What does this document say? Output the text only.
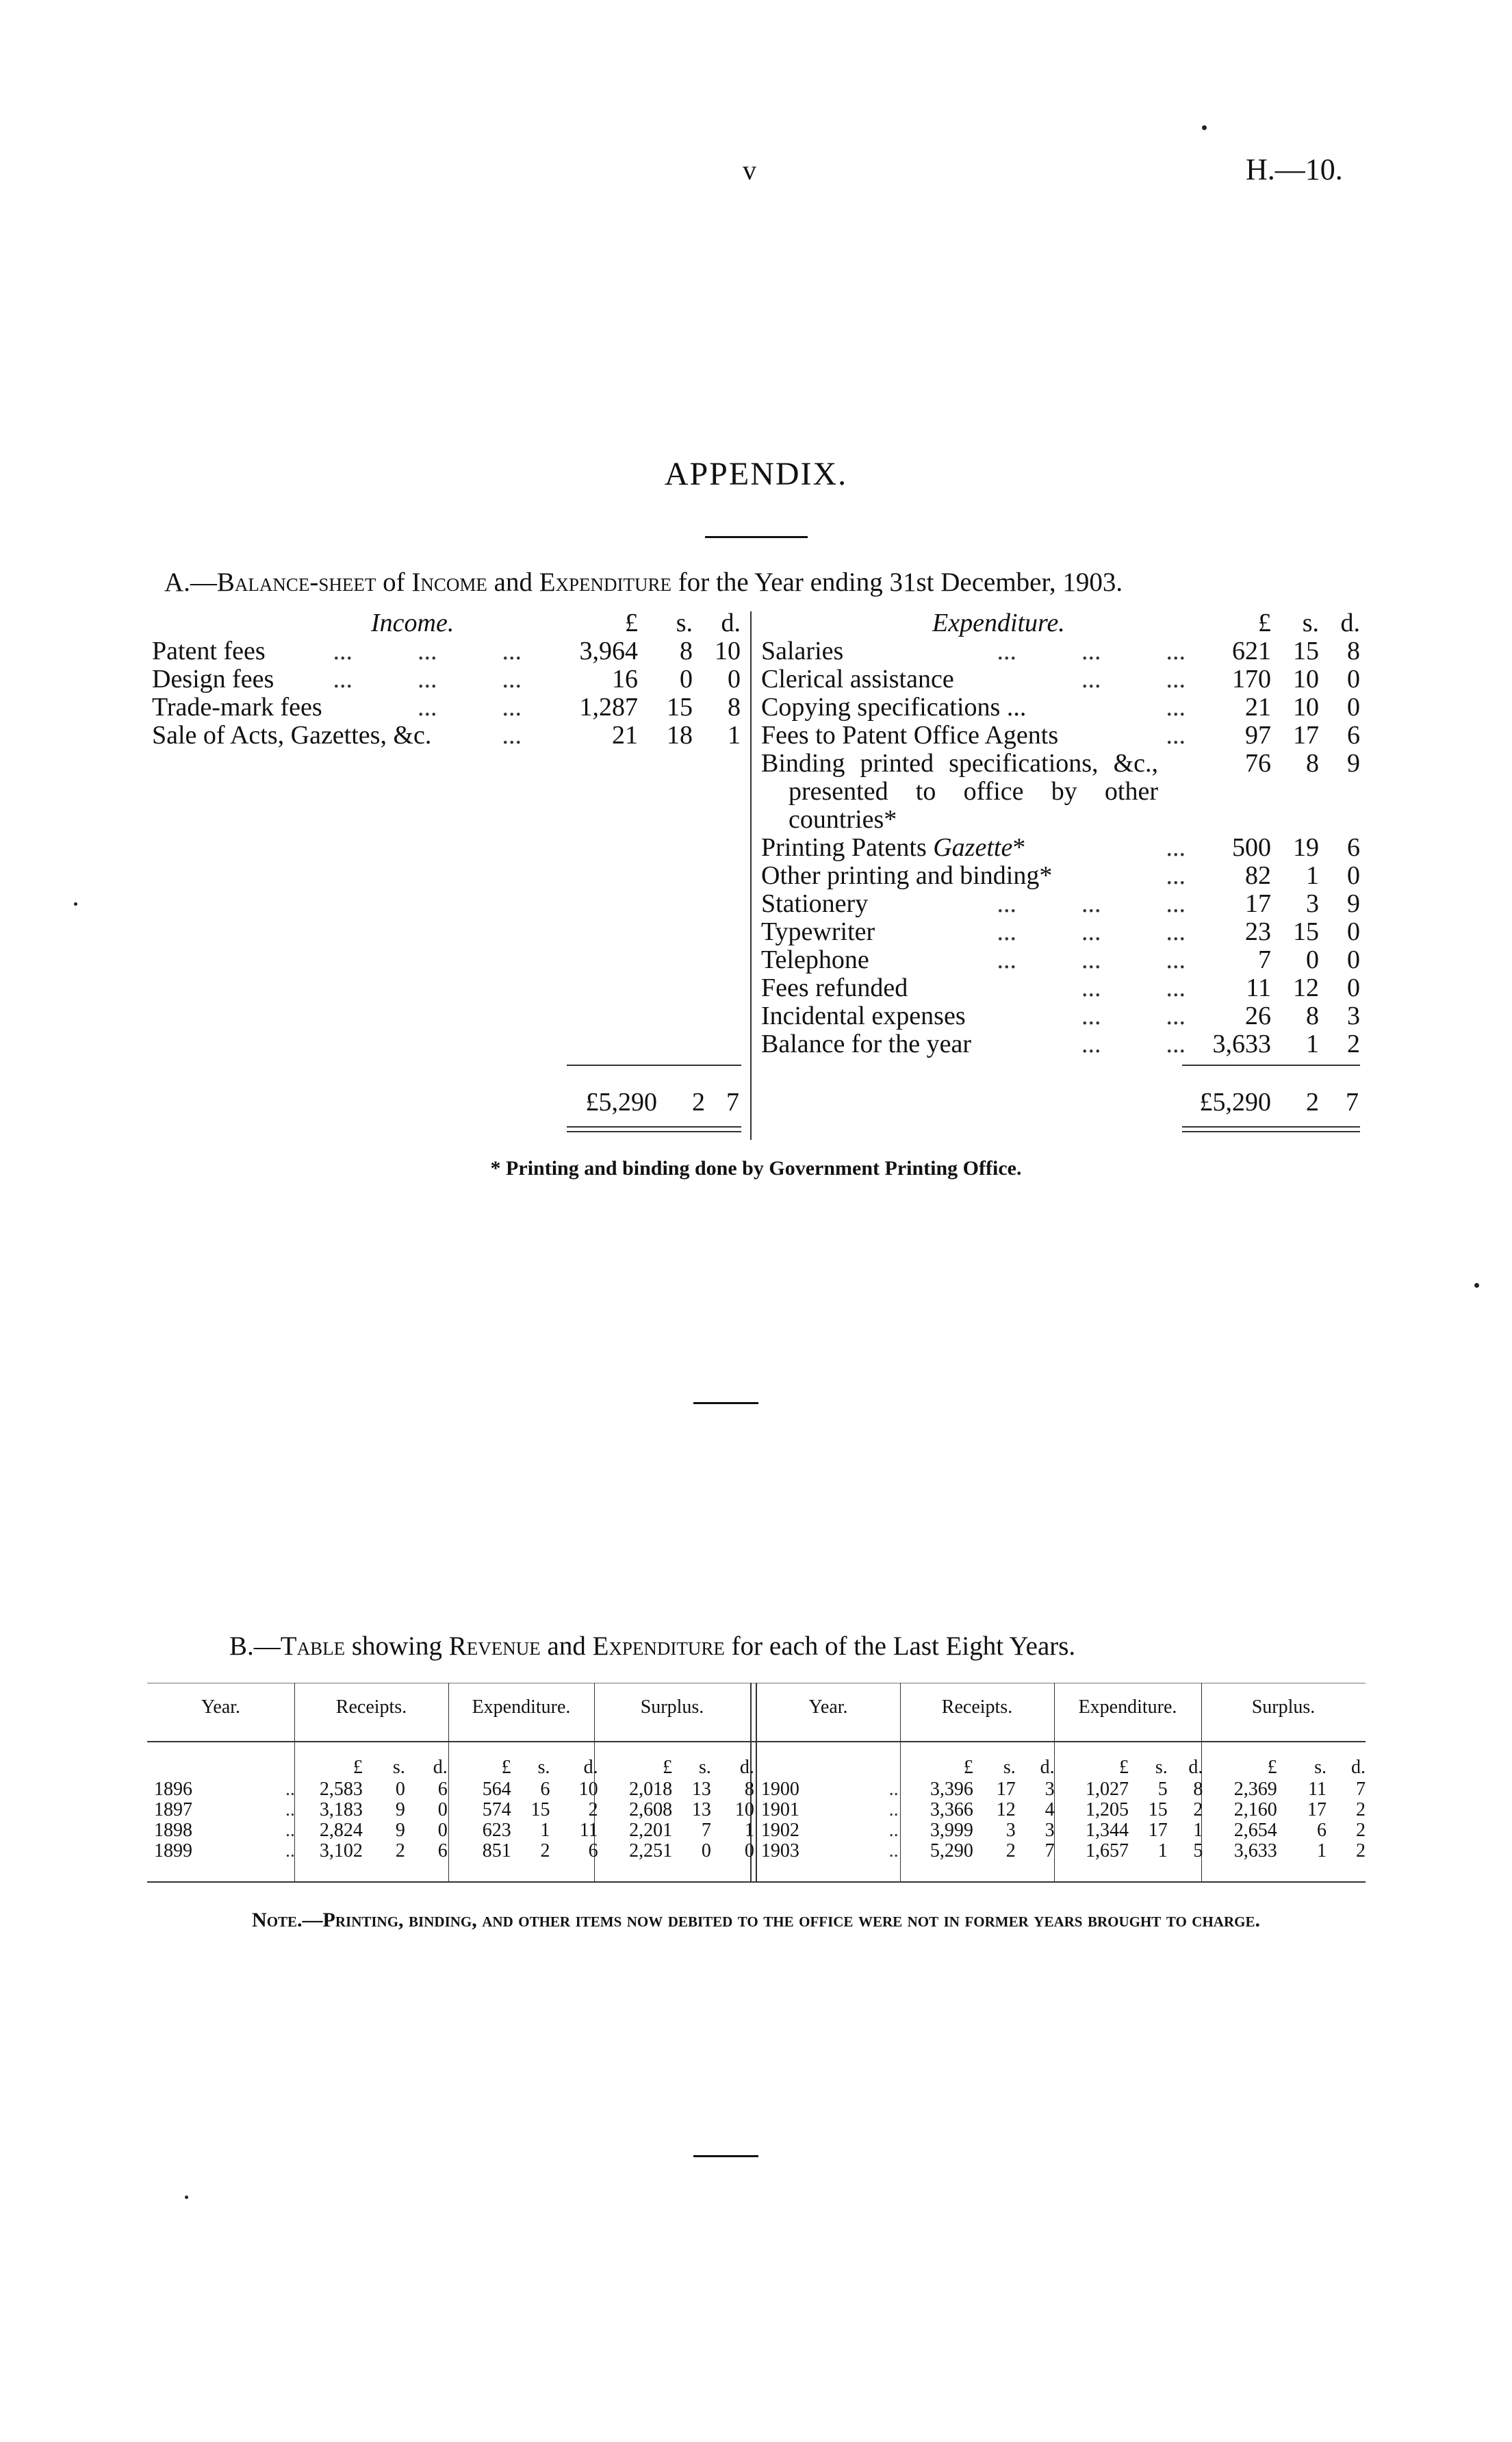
v	H.—10.
APPENDIX.
A.—Balance-sheet of Income and Expenditure for the Year ending 31st December, 1903.
Income.	£	s.	d.
Patent fees ...          ...          ...	3,964	8	10
Design fees ...          ...          ...	16	0	0
Trade-mark fees ...          ...	1,287	15	8
Sale of Acts, Gazettes, &c. ...	21	18	1
Expenditure.	£	s.	d.
Salaries ...          ...          ...	621	15	8
Clerical assistance ...          ...	170	10	0
Copying specifications ... ...	21	10	0
Fees to Patent Office Agents ...	97	17	6

Binding printed specifications, &c., presented to office by other countries*	76	8	9
Printing Patents Gazette* ...	500	19	6
Other printing and binding* ...	82	1	0
Stationery ...          ...          ...	17	3	9
Typewriter ...          ...          ...	23	15	0
Telephone ...          ...          ...	7	0	0
Fees refunded ...          ...	11	12	0
Incidental expenses ...          ...	26	8	3
Balance for the year ...          ...	3,633	1	2
£5,290 2 7	£5,290 2 7
* Printing and binding done by Government Printing Office.
B.—Table showing Revenue and Expenditure for each of the Last Eight Years.
Year.	Receipts.	Expenditure.	Surplus.	Year.	Receipts.	Expenditure.	Surplus.
		£	s.	d.	£	s.	d.	£	s.	d.			£	s.	d.	£	s.	d.	£	s.	d.
1896	..	2,583	0	6	564	6	10	2,018	13	8	1900	..	3,396	17	3	1,027	5	8	2,369	11	7
1897	..	3,183	9	0	574	15	2	2,608	13	10	1901	..	3,366	12	4	1,205	15	2	2,160	17	2
1898	..	2,824	9	0	623	1	11	2,201	7	1	1902	..	3,999	3	3	1,344	17	1	2,654	6	2
1899	..	3,102	2	6	851	2	6	2,251	0	0	1903	..	5,290	2	7	1,657	1	5	3,633	1	2
Note.—Printing, binding, and other items now debited to the office were not in former years brought to charge.
